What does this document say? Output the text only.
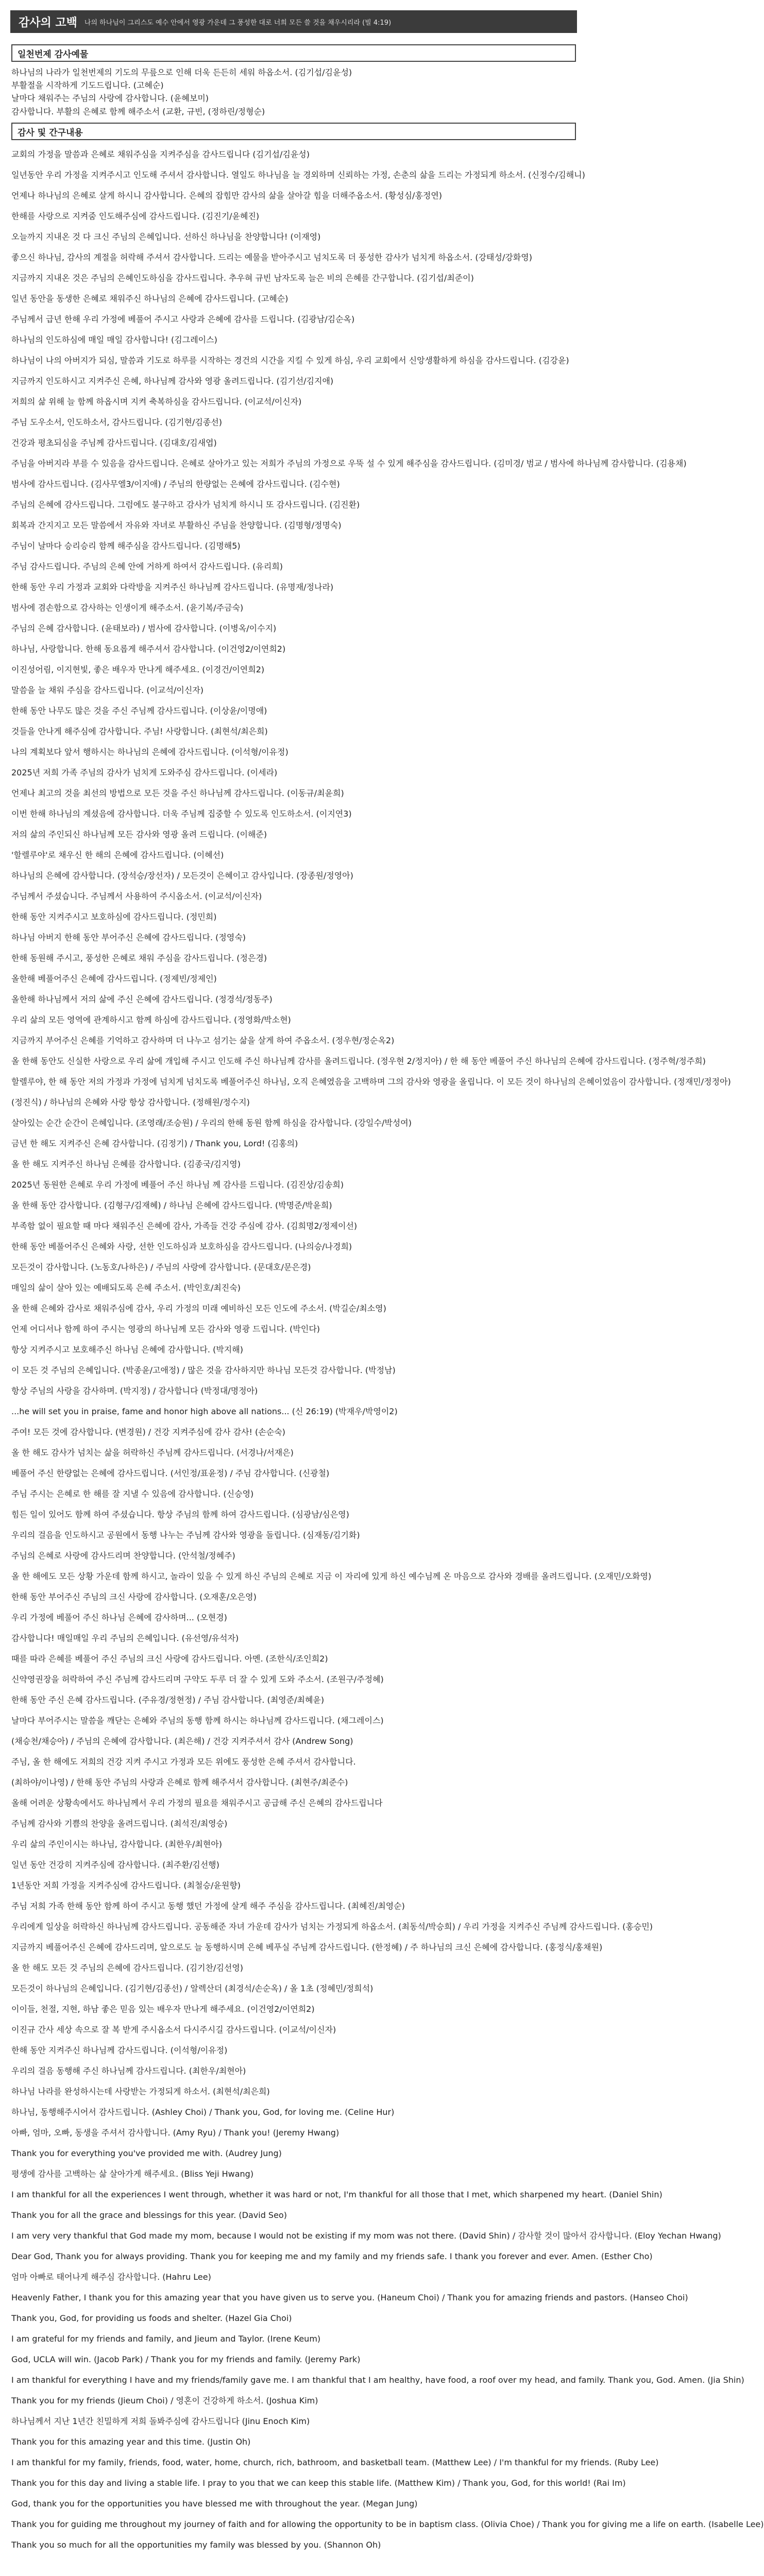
감사의 고백	나의 하나님이 그리스도 예수 안에서 영광 가운데 그 풍성한 대로 너희 모든 쓸 것을 채우시리라 (빌 4:19)
일천번제 감사예물
하나님의 나라가 일천번제의 기도의 무릎으로 인해 더욱 든든히 세워 하옵소서. (김기섭/김윤성)
부활절을 시작하게 기도드립니다. (고혜순)
날마다 채워주는 주님의 사랑에 감사합니다. (윤혜보미)
감사합니다. 부활의 은혜로 함께 해주소서 (교환, 규빈, (정하린/정형순)
감사 및 간구내용
교회의 가정을 말씀과 은혜로 채워주심을 지켜주심을 감사드립니다 (김기섭/김윤성)
일년동안 우리 가정을 지켜주시고 인도해 주셔서 감사합니다. 열일도 하나님을 늘 경외하며 신뢰하는 가정, 손춘의 삶을 드리는 가정되게 하소서. (신정수/김해니)
언제나 하나님의 은혜로 살게 하시니 감사합니다. 은혜의 잡힘만 감사의 삶을 살아갈 힘을 더해주옵소서. (황성심/홍정연)
한해를 사랑으로 지켜줌 인도해주심에 감사드립니다. (김진기/윤혜진)
오늘까지 지내온 것 다 크신 주님의 은혜입니다. 선하신 하나님을 찬양합니다! (이재영)
좋으신 하나님, 감사의 계절을 허락해 주셔서 감사합니다. 드리는 예물을 받아주시고 넘치도록 더 풍성한 감사가 넘치게 하옵소서. (강태성/강화영)
지금까지 지내온 것은 주님의 은혜인도하심을 감사드립니다. 추우혀 규빈 남자도록 늘은 비의 은혜를 간구합니다. (김기섭/최준이)
일년 동안을 동생한 은혜로 채워주신 하나님의 은혜에 감사드립니다. (고혜순)
주님께서 급년 한해 우리 가정에 베풀어 주시고 사랑과 은혜에 감사를 드립니다. (김광남/김순옥)
하나님의 인도하심에 매일 매일 감사합니다! (김그레이스)
하나님이 나의 아버지가 되심, 말씀과 기도로 하루를 시작하는 경건의 시간을 지킬 수 있게 하심, 우리 교회에서 신앙생활하게 하심을 감사드립니다. (김강윤)
지금까지 인도하시고 지켜주신 은혜, 하나님께 감사와 영광 올려드립니다. (김기선/김지애)
저희의 삶 위해 늘 함께 하옵시며 지켜 축복하심을 감사드립니다. (이교석/이신자)
주님 도우소서, 인도하소서, 감사드립니다. (김기현/김종선)
건강과 평초되심을 주님께 감사드립니다. (김대호/김새엽)
주님을 아버지라 부를 수 있음을 감사드립니다. 은혜로 살아가고 있는 저희가 주님의 가정으로 우뚝 설 수 있게 해주심을 감사드립니다. (김미경/ 범교 / 범사에 하나님께 감사합니다. (김용채)
범사에 감사드립니다. (김사무엘3/이지애) / 주님의 한량없는 은혜에 감사드립니다. (김수현)
주님의 은혜에 감사드립니다. 그럼에도 불구하고 감사가 넘치게 하시니 또 감사드립니다. (김진환)
회복과 간지지고 모든 말씀에서 자유와 자녀로 부활하신 주님을 찬양합니다. (김명형/정명숙)
주님이 날마다 승리승리 함께 해주심을 감사드립니다. (김명해5)
주님 감사드립니다. 주님의 은혜 안에 거하게 하여서 감사드립니다. (유리희)
한해 동안 우리 가정과 교회와 다락방을 지켜주신 하나님께 감사드립니다. (유명재/정나라)
범사에 겸손함으로 감사하는 인생이게 해주소서. (윤기복/주금숙)
주님의 은혜 감사합니다. (윤태보라) / 범사에 감사합니다. (이병옥/이수지)
하나님, 사랑합니다. 한해 동요롭게 해주셔서 감사합니다. (이건영2/이연희2)
이진성어림, 이지현빛, 좋은 배우자 만나게 해주세요. (이경건/이연희2)
말씀을 늘 채워 주심을 감사드립니다. (이교석/이신자)
한해 동안 나무도 많은 것을 주신 주님께 감사드립니다. (이상윤/이명애)
것들을 안나게 해주심에 감사합니다. 주님! 사랑합니다. (최현석/최은희)
나의 계획보다 앞서 행하시는 하나님의 은혜에 감사드립니다. (이석형/이유정)
2025년 저희 가족 주님의 감사가 넘치게 도와주심 감사드립니다. (이세라)
언제나 최고의 것을 최선의 방법으로 모든 것을 주신 하나님께 감사드립니다. (이동규/최윤희)
이번 한해 하나님의 계셨음에 감사합니다. 더욱 주님께 집중할 수 있도록 인도하소서. (이지연3)
저의 삶의 주인되신 하나님께 모든 감사와 영광 올려 드립니다. (이해준)
'할렐루야'로 채우신 한 해의 은혜에 감사드립니다. (이혜선)
하나님의 은혜에 감사합니다. (장석승/장선자) / 모든것이 은혜이고 감사입니다. (장종원/정영아)
주님께서 주셨습니다. 주님께서 사용하여 주시옵소서. (이교석/이신자)
한해 동안 지켜주시고 보호하심에 감사드립니다. (정민희)
하나님 아버지 한해 동안 부어주신 은혜에 감사드립니다. (정영숙)
한해 동원해 주시고, 풍성한 은혜로 채워 주심을 감사드립니다. (정은경)
올한해 베풀어주신 은혜에 감사드립니다. (정제빈/정제인)
올한해 하나님께서 저의 삶에 주신 은혜에 감사드립니다. (정경석/정동주)
우리 삶의 모든 영역에 관계하시고 함께 하심에 감사드립니다. (정영화/박소현)
지금까지 부어주신 은혜를 기억하고 감사하며 더 나누고 섬기는 삶을 살게 하여 주옵소서. (정우현/정순옥2)
올 한해 동안도 신실한 사랑으로 우리 삶에 개입해 주시고 인도해 주신 하나님께 감사를 올려드립니다. (정우현 2/정지아) / 한 해 동안 베풀어 주신 하나님의 은혜에 감사드립니다. (정주혁/정주희)
할렐루야, 한 해 동안 저의 가정과 가정에 넘치게 넘치도록 베풀어주신 하나님, 오직 은혜였음을 고백하며 그의 감사와 영광을 올립니다. 이 모든 것이 하나님의 은혜이었음이 감사합니다. (정재민/정정아)
(정진식) / 하나님의 은혜와 사랑 항상 감사합니다. (정해원/정수지)
살아있는 순간 순간이 은혜입니다. (조영래/조승원) / 우리의 한해 동원 함께 하심을 감사합니다. (강일수/박성여)
금년 한 해도 지켜주신 은혜 감사합니다. (김정기) / Thank you, Lord! (김홍의)
올 한 해도 지켜주신 하나님 은혜를 감사합니다. (김종국/김지영)
2025년 동원한 은혜로 우리 가정에 베풀어 주신 하나님 께 감사를 드립니다. (김진상/김송희)
올 한해 동안 감사합니다. (김형구/김재혜) / 하나님 은혜에 감사드립니다. (박명준/박윤희)
부족함 없이 필요할 때 마다 채워주신 은혜에 감사, 가족들 건강 주심에 감사. (김희명2/정제이선)
한해 동안 베풀어주신 은혜와 사랑, 선한 인도하심과 보호하심을 감사드립니다. (나의승/나경희)
모든것이 감사합니다. (노동호/나하은) / 주님의 사랑에 감사합니다. (문대호/문은경)
매일의 삶이 살아 있는 예배되도록 은혜 주소서. (박인호/최진숙)
올 한해 은혜와 감사로 채워주심에 감사, 우리 가정의 미래 예비하신 모든 인도에 주소서. (박길순/최소영)
언제 어디서나 함께 하여 주시는 영광의 하나님께 모든 감사와 영광 드립니다. (박인다)
항상 지켜주시고 보호해주신 하나님 은혜에 감사합니다. (박지해)
이 모든 것 주님의 은혜입니다. (박종윤/고애정) / 많은 것을 감사하지만 하나님 모든것 감사합니다. (박정남)
항상 주님의 사랑을 감사하며. (박지정) / 감사합니다 (박정대/명정아)
...he will set you in praise, fame and honor high above all nations... (신 26:19) (박재우/박영이2)
주여! 모든 것에 감사합니다. (변경원) / 건강 지켜주심에 감사 감사! (손순숙)
올 한 해도 감사가 넘치는 삶을 허락하신 주님께 감사드립니다. (서경나/서재은)
베풀어 주신 한량없는 은혜에 감사드립니다. (서인정/표윤정) / 주님 감사합니다. (신광철)
주님 주시는 은혜로 한 해를 잘 지낼 수 있음에 감사합니다. (신승영)
힘든 일이 있어도 함께 하여 주셨습니다. 항상 주님의 함께 하여 감사드립니다. (심광남/심은영)
우리의 걸음을 인도하시고 공원에서 동행 나누는 주님께 감사와 영광을 돌립니다. (심재동/김기화)
주님의 은혜로 사랑에 감사드리며 찬양합니다. (안석철/정혜주)
올 한 해에도 모든 상황 가운데 함께 하시고, 놀라이 있을 수 있게 하신 주님의 은혜로 지금 이 자리에 있게 하신 예수님께 온 마음으로 감사와 경배를 올려드립니다. (오재민/오화영)
한해 동안 부어주신 주님의 크신 사랑에 감사합니다. (오재훈/오은영)
우리 가정에 베풀어 주신 하나님 은혜에 감사하며... (오현경)
감사합니다! 매일매일 우리 주님의 은혜입니다. (유선영/유석자)
때를 따라 은혜를 베풀어 주신 주님의 크신 사랑에 감사드립니다. 아멘. (조한식/조인희2)
신약영권장을 허락하여 주신 주님께 감사드리며 구약도 두루 더 잘 수 있게 도와 주소서. (조원구/주정혜)
한해 동안 주신 은혜 감사드립니다. (주유경/정현정) / 주님 감사합니다. (최영준/최혜윤)
날마다 부어주시는 말씀을 깨닫는 은혜와 주님의 동행 함께 하시는 하나님께 감사드립니다. (채그레이스)
(채승천/채승아) / 주님의 은혜에 감사합니다. (최은해) / 건강 지켜주셔서 감사 (Andrew Song)
주님, 올 한 해에도 저희의 건강 지켜 주시고 가정과 모든 위에도 풍성한 은혜 주셔서 감사합니다.
(최하야/이나영) / 한해 동안 주님의 사랑과 은혜로 함께 해주셔서 감사합니다. (최현주/최준수)
올해 어려운 상황속에서도 하나님께서 우리 가정의 필요를 채워주시고 공급해 주신 은혜의 감사드립니다
주님께 감사와 기쁨의 찬양을 올려드립니다. (최석진/최영승)
우리 삶의 주인이시는 하나님, 감사합니다. (최한우/최현아)
일년 동안 건강히 지켜주심에 감사합니다. (최주환/김선행)
1년동안 저희 가정을 지켜주심에 감사드립니다. (최철승/윤원향)
주님 저희 가족 한해 동안 함께 하여 주시고 동행 했던 가정에 살게 해주 주심을 감사드립니다. (최혜진/최영순)
우리에게 일상을 허락하신 하나님께 감사드립니다. 공동해준 자녀 가운데 감사가 넘치는 가정되게 하옵소서. (최동석/박승희) / 우리 가정을 지켜주신 주님께 감사드립니다. (홍승민)
지금까지 베풀어주신 은혜에 감사드리며, 앞으로도 늘 동행하시며 은혜 베푸실 주님께 감사드립니다. (한정혜) / 주 하나님의 크신 은혜에 감사합니다. (홍정식/홍채원)
올 한 해도 모든 것 주님의 은혜에 감사드립니다. (김기찬/김선영)
모든것이 하나님의 은혜입니다. (김기현/김종선) / 알렉산더 (최경석/손순옥) / 올 1초 (정혜민/정희석)
이이들, 천절, 지현, 하남 좋은 믿음 있는 배우자 만나게 해주세요. (이건영2/이연희2)
이진규 간사 세상 속으로 잘 복 받게 주시옵소서 다시주시길 감사드립니다. (이교석/이신자)
한해 동안 지켜주신 하나님께 감사드립니다. (이석형/이유정)
우리의 걸음 동행해 주신 하나님께 감사드립니다. (최한우/최현아)
하나님 나라를 완성하시는데 사랑받는 가정되게 하소서. (최현석/최은희)
하나님, 동행해주시어서 감사드립니다. (Ashley Choi) / Thank you, God, for loving me. (Celine Hur)
아빠, 엄마, 오빠, 동생을 주셔서 감사합니다. (Amy Ryu) / Thank you! (Jeremy Hwang)
Thank you for everything you've provided me with. (Audrey Jung)
평생에 감사를 고백하는 삶 살아가게 해주세요. (Bliss Yeji Hwang)
I am thankful for all the experiences I went through, whether it was hard or not, I'm thankful for all those that I met, which sharpened my heart. (Daniel Shin)
Thank you for all the grace and blessings for this year. (David Seo)
I am very very thankful that God made my mom, because I would not be existing if my mom was not there. (David Shin) / 감사할 것이 많아서 감사합니다. (Eloy Yechan Hwang)
Dear God, Thank you for always providing. Thank you for keeping me and my family and my friends safe. I thank you forever and ever. Amen. (Esther Cho)
엄마 아빠로 태어나게 해주심 감사합니다. (Hahru Lee)
Heavenly Father, I thank you for this amazing year that you have given us to serve you. (Haneum Choi) / Thank you for amazing friends and pastors. (Hanseo Choi)
Thank you, God, for providing us foods and shelter. (Hazel Gia Choi)
I am grateful for my friends and family, and Jieum and Taylor. (Irene Keum)
God, UCLA will win. (Jacob Park) / Thank you for my friends and family. (Jeremy Park)
I am thankful for everything I have and my friends/family gave me. I am thankful that I am healthy, have food, a roof over my head, and family. Thank you, God. Amen. (Jia Shin)
Thank you for my friends (Jieum Choi) / 영혼이 건강하게 하소서. (Joshua Kim)
하나님께서 지난 1년간 친밀하게 저희 돌봐주심에 감사드립니다 (Jinu Enoch Kim)
Thank you for this amazing year and this time. (Justin Oh)
I am thankful for my family, friends, food, water, home, church, rich, bathroom, and basketball team. (Matthew Lee) / I'm thankful for my friends. (Ruby Lee)
Thank you for this day and living a stable life. I pray to you that we can keep this stable life. (Matthew Kim) / Thank you, God, for this world! (Rai Im)
God, thank you for the opportunities you have blessed me with throughout the year. (Megan Jung)
Thank you for guiding me throughout my journey of faith and for allowing the opportunity to be in baptism class. (Olivia Choe) / Thank you for giving me a life on earth. (Isabelle Lee)
Thank you so much for all the opportunities my family was blessed by you. (Shannon Oh)
